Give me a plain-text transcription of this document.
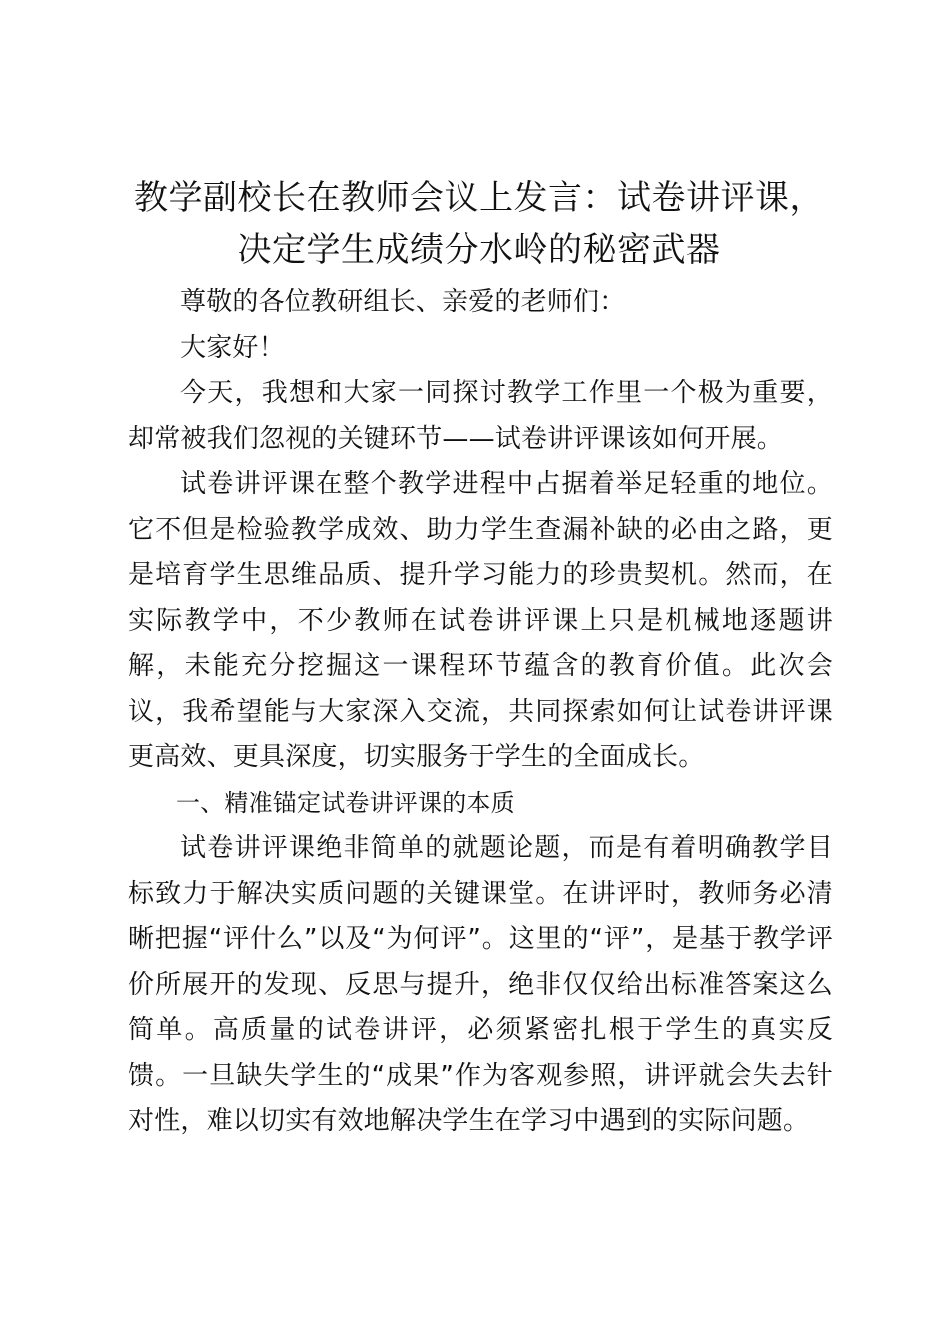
教学副校长在教师会议上发言：试卷讲评课，
决定学生成绩分水岭的秘密武器

尊敬的各位教研组长、亲爱的老师们：

大家好！

今天，我想和大家一同探讨教学工作里一个极为重要，却常被我们忽视的关键环节——试卷讲评课该如何开展。

试卷讲评课在整个教学进程中占据着举足轻重的地位。它不但是检验教学成效、助力学生查漏补缺的必由之路，更是培育学生思维品质、提升学习能力的珍贵契机。然而，在实际教学中，不少教师在试卷讲评课上只是机械地逐题讲解，未能充分挖掘这一课程环节蕴含的教育价值。此次会议，我希望能与大家深入交流，共同探索如何让试卷讲评课更高效、更具深度，切实服务于学生的全面成长。

一、精准锚定试卷讲评课的本质

试卷讲评课绝非简单的就题论题，而是有着明确教学目标致力于解决实质问题的关键课堂。在讲评时，教师务必清晰把握“评什么”以及“为何评”。这里的“评”，是基于教学评价所展开的发现、反思与提升，绝非仅仅给出标准答案这么简单。高质量的试卷讲评，必须紧密扎根于学生的真实反馈。一旦缺失学生的“成果”作为客观参照，讲评就会失去针对性，难以切实有效地解决学生在学习中遇到的实际问题。
